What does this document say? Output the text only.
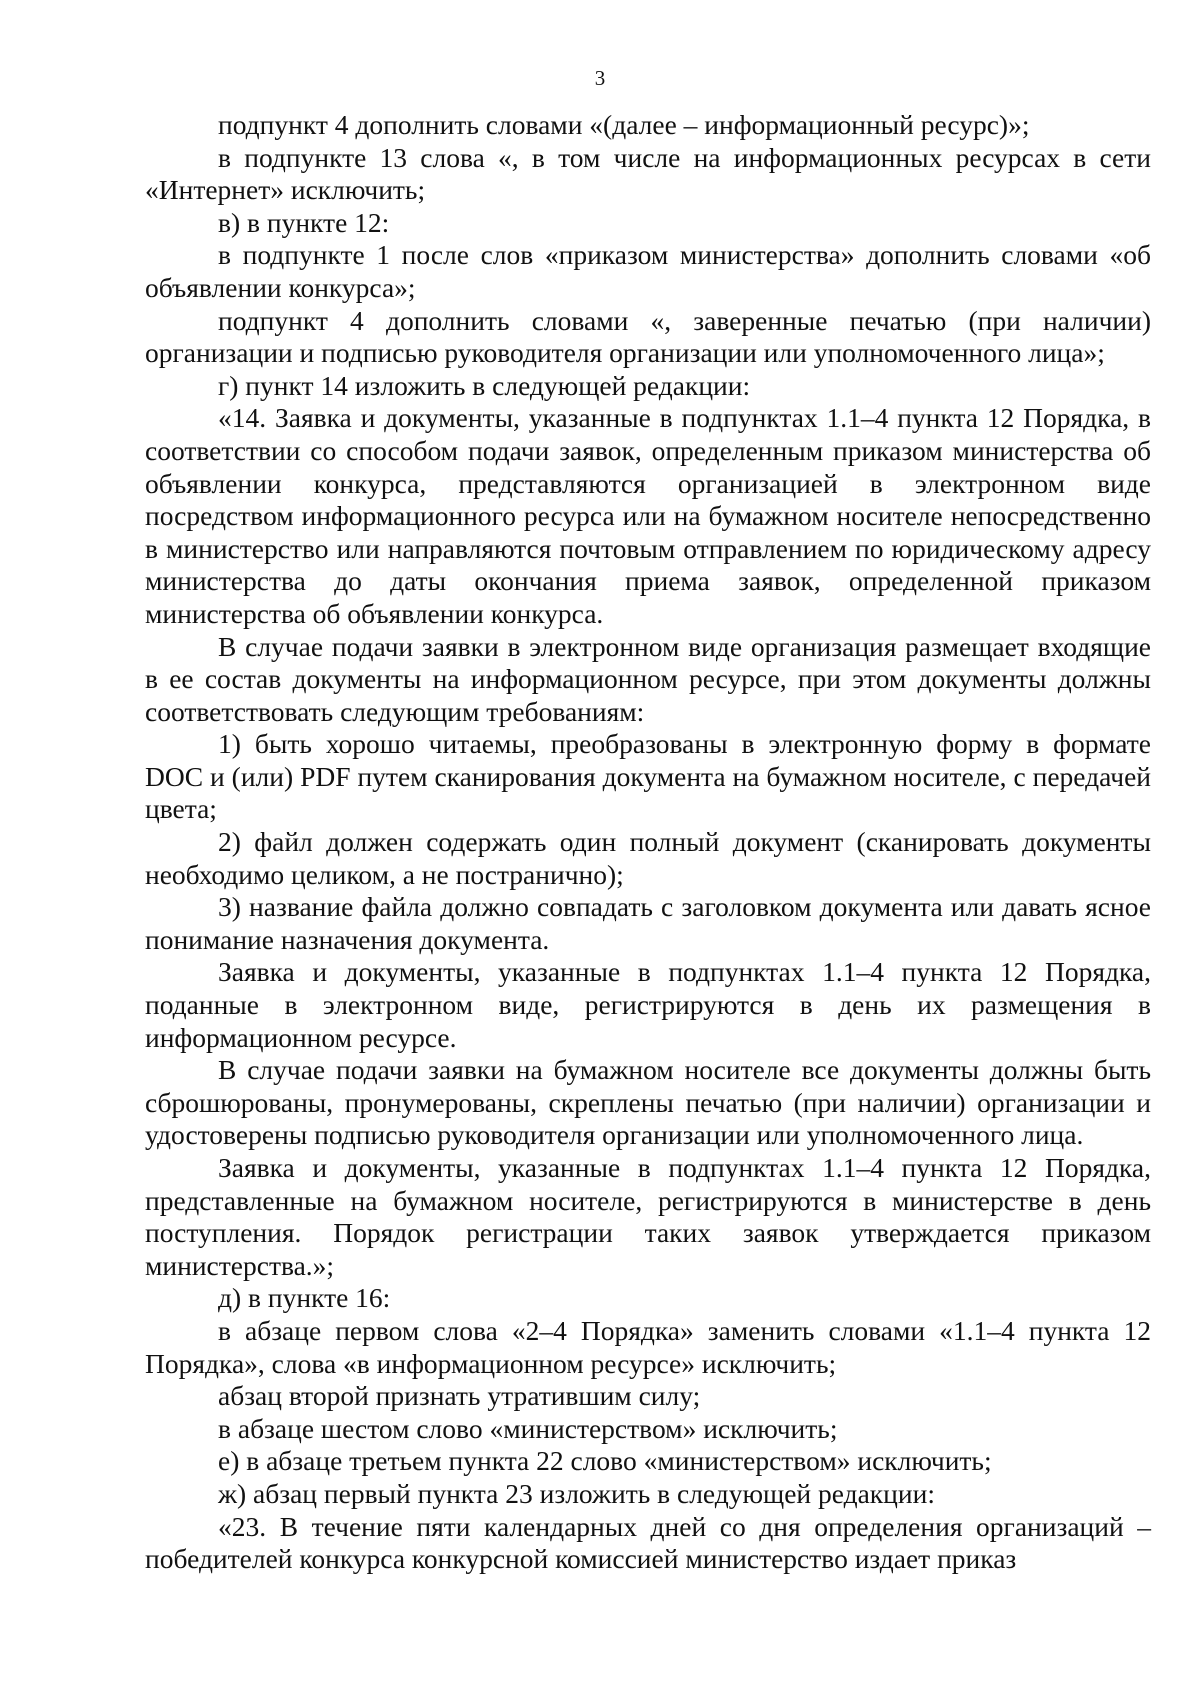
3

подпункт 4 дополнить словами «(далее – информационный ресурс)»;

в подпункте 13 слова «, в том числе на информационных ресурсах в сети «Интернет» исключить;

в) в пункте 12:

в подпункте 1 после слов «приказом министерства» дополнить словами «об объявлении конкурса»;

подпункт 4 дополнить словами «, заверенные печатью (при наличии) организации и подписью руководителя организации или уполномоченного лица»;

г) пункт 14 изложить в следующей редакции:

«14. Заявка и документы, указанные в подпунктах 1.1–4 пункта 12 Порядка, в соответствии со способом подачи заявок, определенным приказом министерства об объявлении конкурса, представляются организацией в электронном виде посредством информационного ресурса или на бумажном носителе непосредственно в министерство или направляются почтовым отправлением по юридическому адресу министерства до даты окончания приема заявок, определенной приказом министерства об объявлении конкурса.

В случае подачи заявки в электронном виде организация размещает входящие в ее состав документы на информационном ресурсе, при этом документы должны соответствовать следующим требованиям:

1) быть хорошо читаемы, преобразованы в электронную форму в формате DOC и (или) PDF путем сканирования документа на бумажном носителе, с передачей цвета;

2) файл должен содержать один полный документ (сканировать документы необходимо целиком, а не постранично);

3) название файла должно совпадать с заголовком документа или давать ясное понимание назначения документа.

Заявка и документы, указанные в подпунктах 1.1–4 пункта 12 Порядка, поданные в электронном виде, регистрируются в день их размещения в информационном ресурсе.

В случае подачи заявки на бумажном носителе все документы должны быть сброшюрованы, пронумерованы, скреплены печатью (при наличии) организации и удостоверены подписью руководителя организации или уполномоченного лица.

Заявка и документы, указанные в подпунктах 1.1–4 пункта 12 Порядка, представленные на бумажном носителе, регистрируются в министерстве в день поступления. Порядок регистрации таких заявок утверждается приказом министерства.»;

д) в пункте 16:

в абзаце первом слова «2–4 Порядка» заменить словами «1.1–4 пункта 12 Порядка», слова «в информационном ресурсе» исключить;

абзац второй признать утратившим силу;

в абзаце шестом слово «министерством» исключить;

е) в абзаце третьем пункта 22 слово «министерством» исключить;

ж) абзац первый пункта 23 изложить в следующей редакции:

«23. В течение пяти календарных дней со дня определения организаций – победителей конкурса конкурсной комиссией министерство издает приказ
